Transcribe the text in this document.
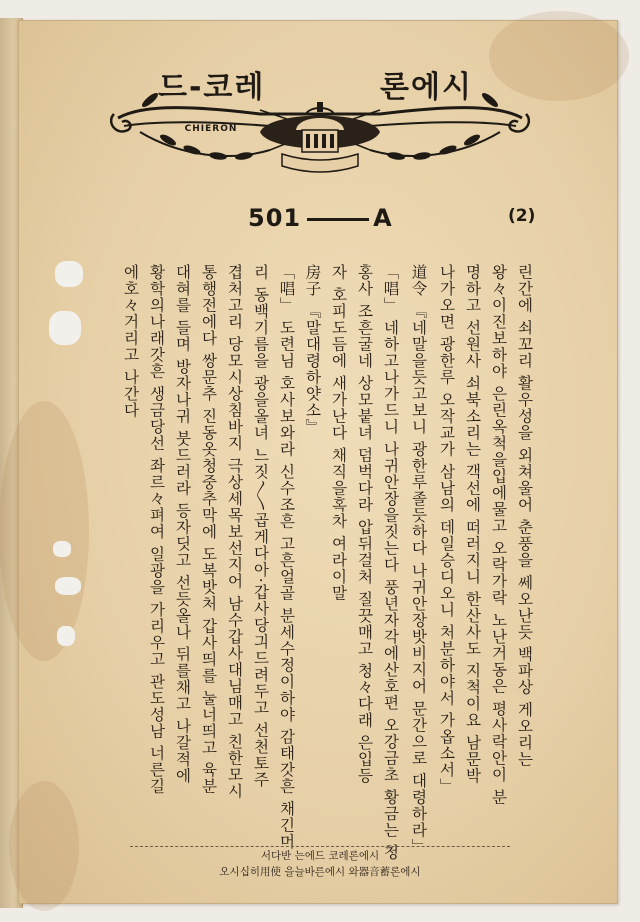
드-코레	론에시
CHIERON
501	A	(2)
린간에 쇠꼬리 활우성을 외쳐울어 춘풍을 쎄오난듯 백파상 게오리는
왕々이진보하야 은린옥척을입에물고 오락가락 노난거동은 평사락안이 분
명하고 선원사 쇠북소리는 객선에 떠러지니 한산사도 지척이요 남문박
나가오면 광한루 오작교가 삼남의 데일승디오니 처분하야서 가옵소서」
道令 『네말을듯고보니 광한루졸듯하다 나귀안장밧비지어 문간으로 대령하라」
「唱」 네하고나가드니 나귀안장을짓는다 풍년자각에산호편 오강금초 황금는 청
홍사 조흔굴네 상모붙녀 덤벅다라 압뒤걸처 질끗매고 청々다래 은입등
자 호피도듬에 새가난다 채직을혹차 여라이말
房子 『말대령하얏소』
「唱」 도련님 호사보와라 신수조흔 고흔얼골 분세수정이하야 감태갓흔 채긴머
리 동백기름을 광을올녀 느짓〳〵곱게다아·갑사당긔드려두고 선천토주
겹처고리 당모시상침바지 극상세목보선지어 남수갑사대님매고 친한모시
통행전에다 쌍문추 진동옷청중추막에 도복밧처 갑사띄를 눌너띄고 육분
대혀를 들며 방자나귀 붓드러라 등자딧고 선듯올나 뒤를채고 나갈적에
황학의나래갓흔 생금당선 좌르々펴여 일광을 가리우고 관도성남 너른길
에호々거리고 나간다
서다반 는에드 코레론에시
오시십히用使 을늘바른에시 와器音蓄론에시
